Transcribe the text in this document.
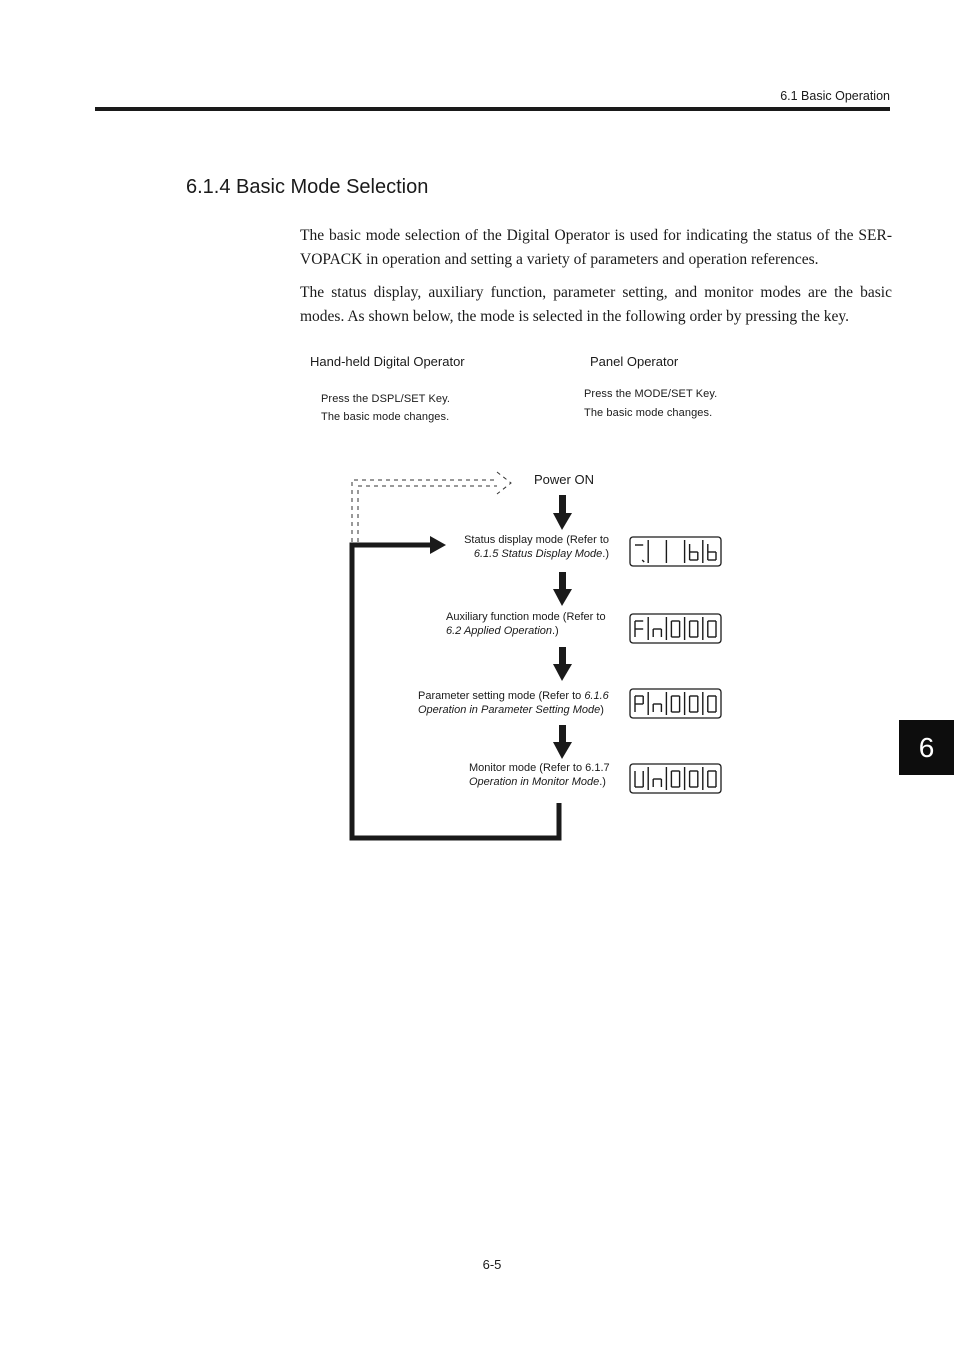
6.1 Basic Operation
6.1.4 Basic Mode Selection
The basic mode selection of the Digital Operator is used for indicating the status of the SER-VOPACK in operation and setting a variety of parameters and operation references.
The status display, auxiliary function, parameter setting, and monitor modes are the basic modes. As shown below, the mode is selected in the following order by pressing the key.
Hand-held Digital Operator
Press the DSPL/SET Key.
The basic mode changes.
Panel Operator
Press the MODE/SET Key.
The basic mode changes.
Power ON
Status display mode (Refer to
6.1.5 Status Display Mode.)
Auxiliary function mode (Refer to
6.2 Applied Operation.)
Parameter setting mode (Refer to 6.1.6 Operation in Parameter Setting Mode)
Monitor mode (Refer to 6.1.7
Operation in Monitor Mode.)
6
6-5
